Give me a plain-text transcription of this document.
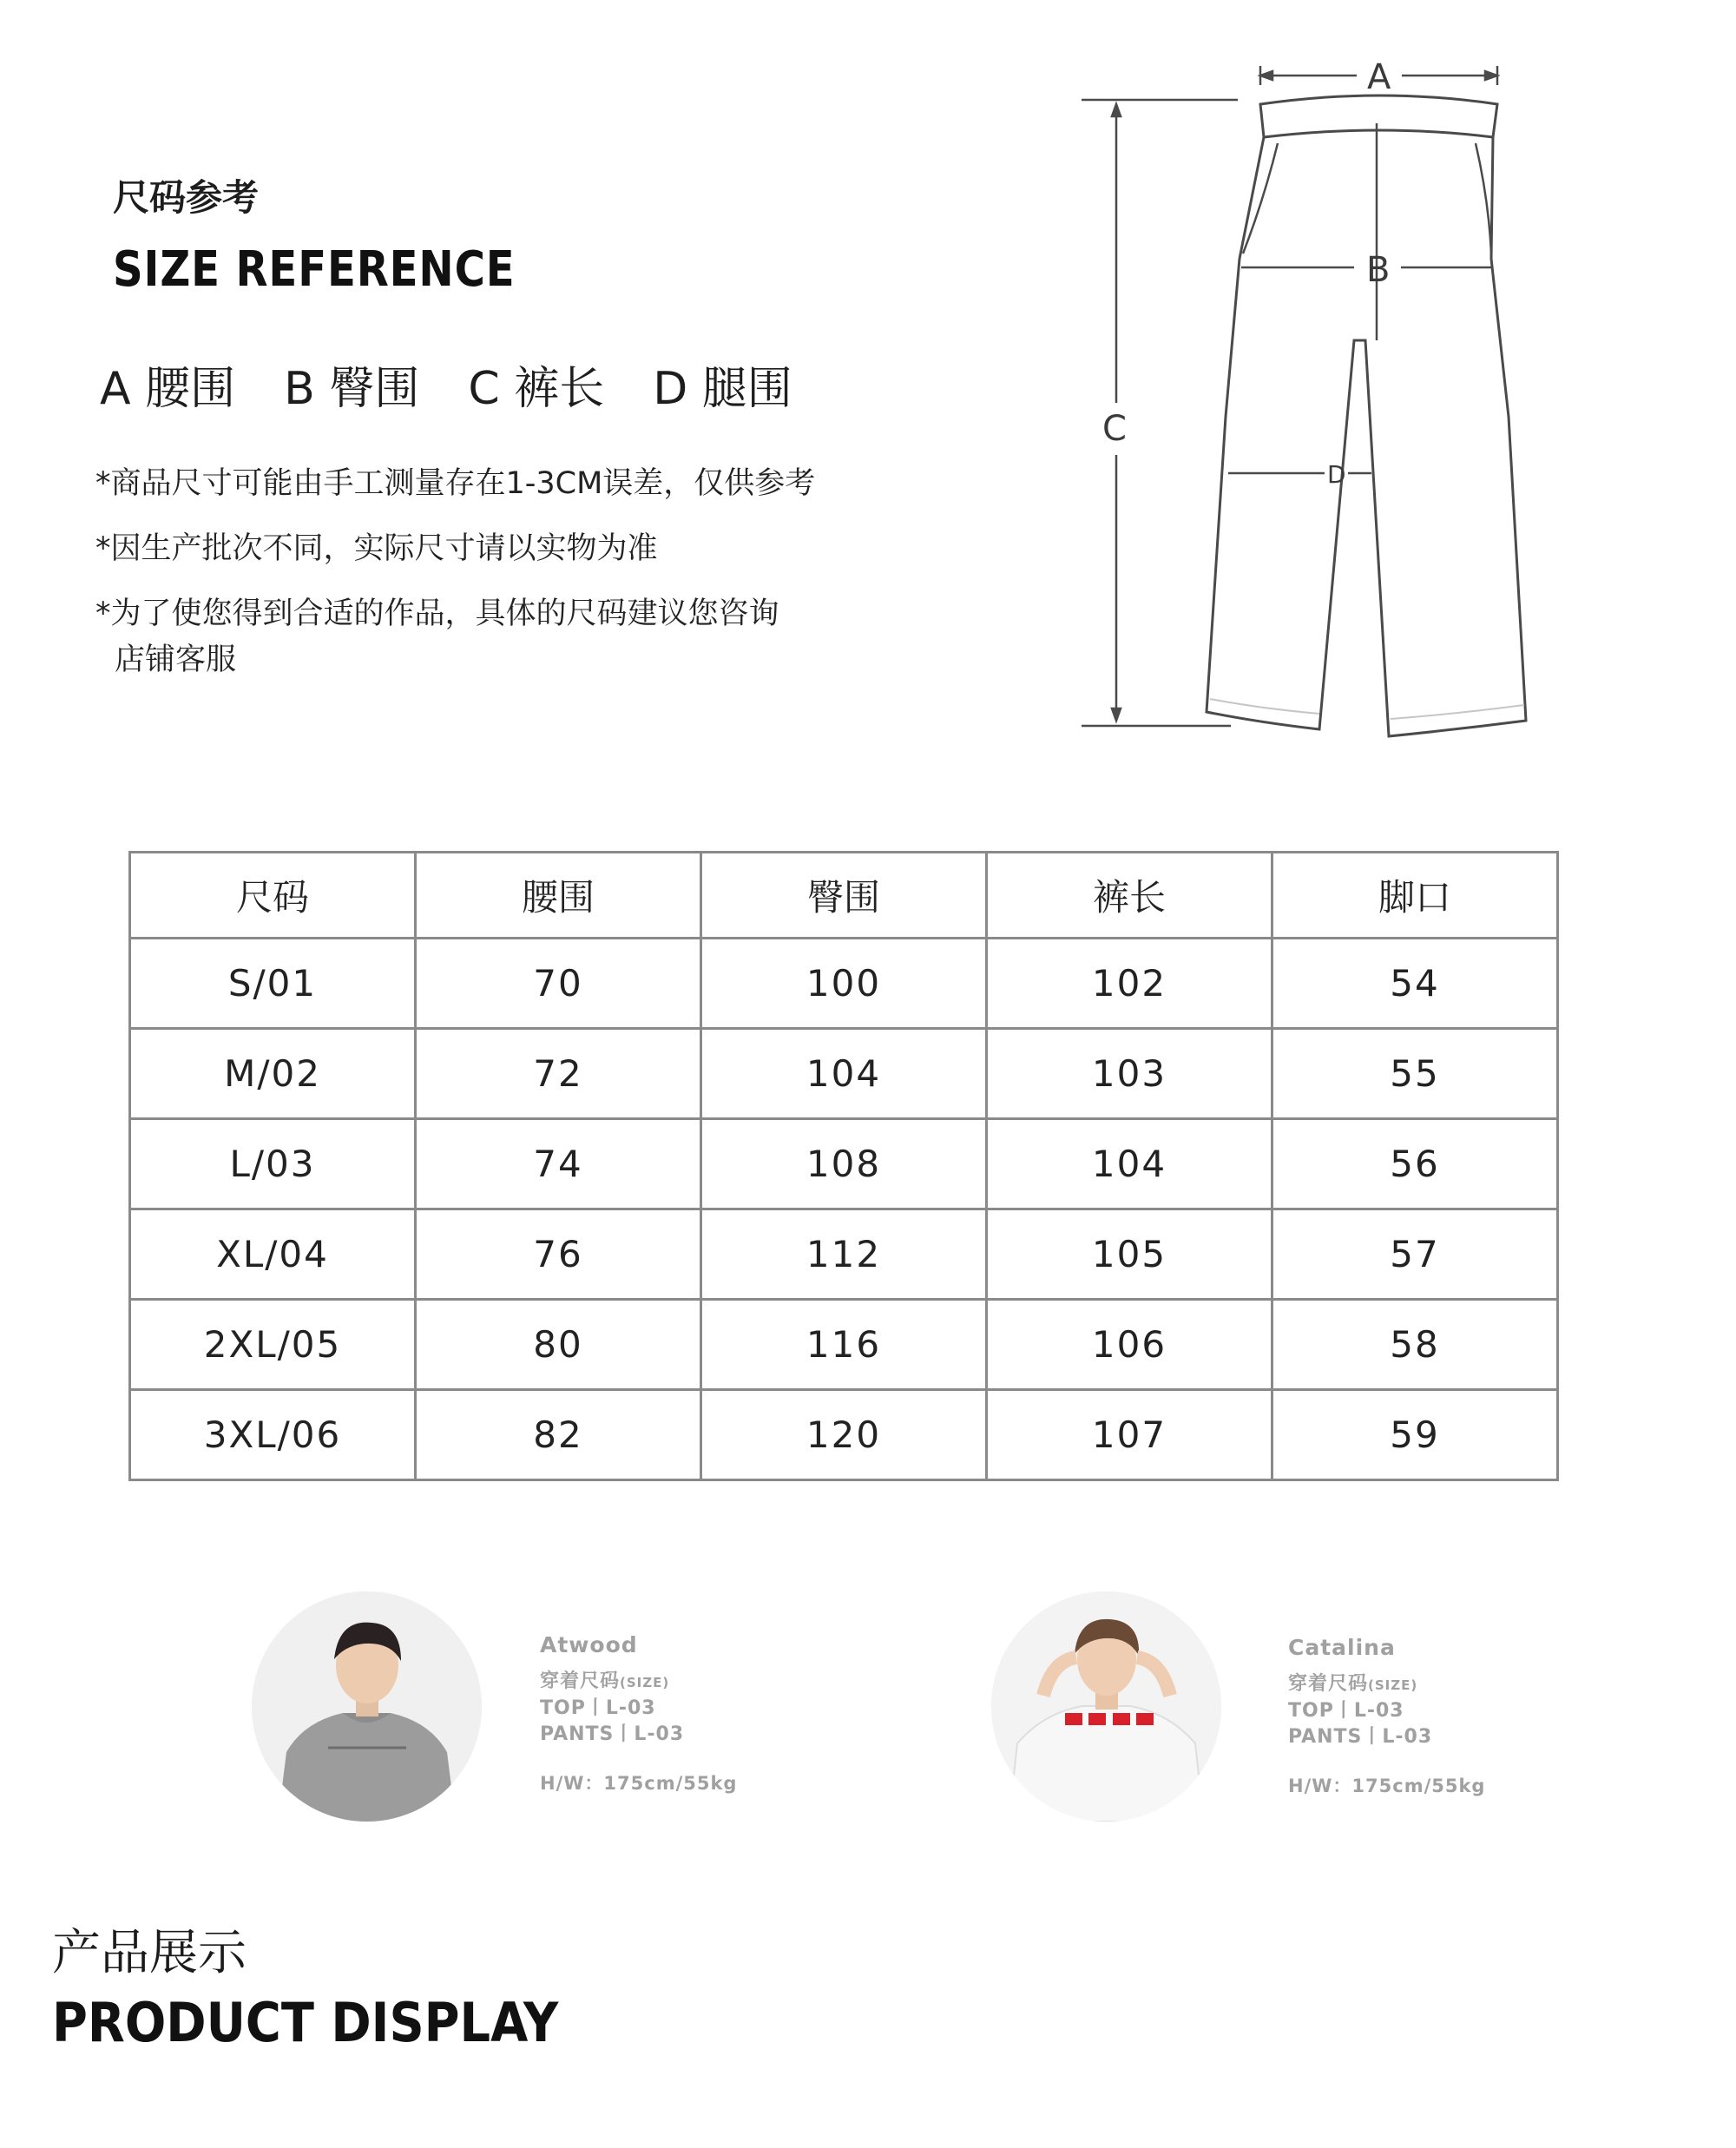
尺码参考
SIZE REFERENCE
A 腰围 B 臀围 C 裤长 D 腿围
*商品尺寸可能由手工测量存在1-3CM误差，仅供参考
*因生产批次不同，实际尺寸请以实物为准
*为了使您得到合适的作品，具体的尺码建议您咨询
店铺客服
A
B
C
D
尺码	腰围	臀围	裤长	脚口
S/01	70	100	102	54
M/02	72	104	103	55
L/03	74	108	104	56
XL/04	76	112	105	57
2XL/05	80	116	106	58
3XL/06	82	120	107	59
Atwood
穿着尺码(SIZE)
TOP丨L-03
PANTS丨L-03
H/W：175cm/55kg
Catalina
穿着尺码(SIZE)
TOP丨L-03
PANTS丨L-03
H/W：175cm/55kg
产品展示
PRODUCT DISPLAY
